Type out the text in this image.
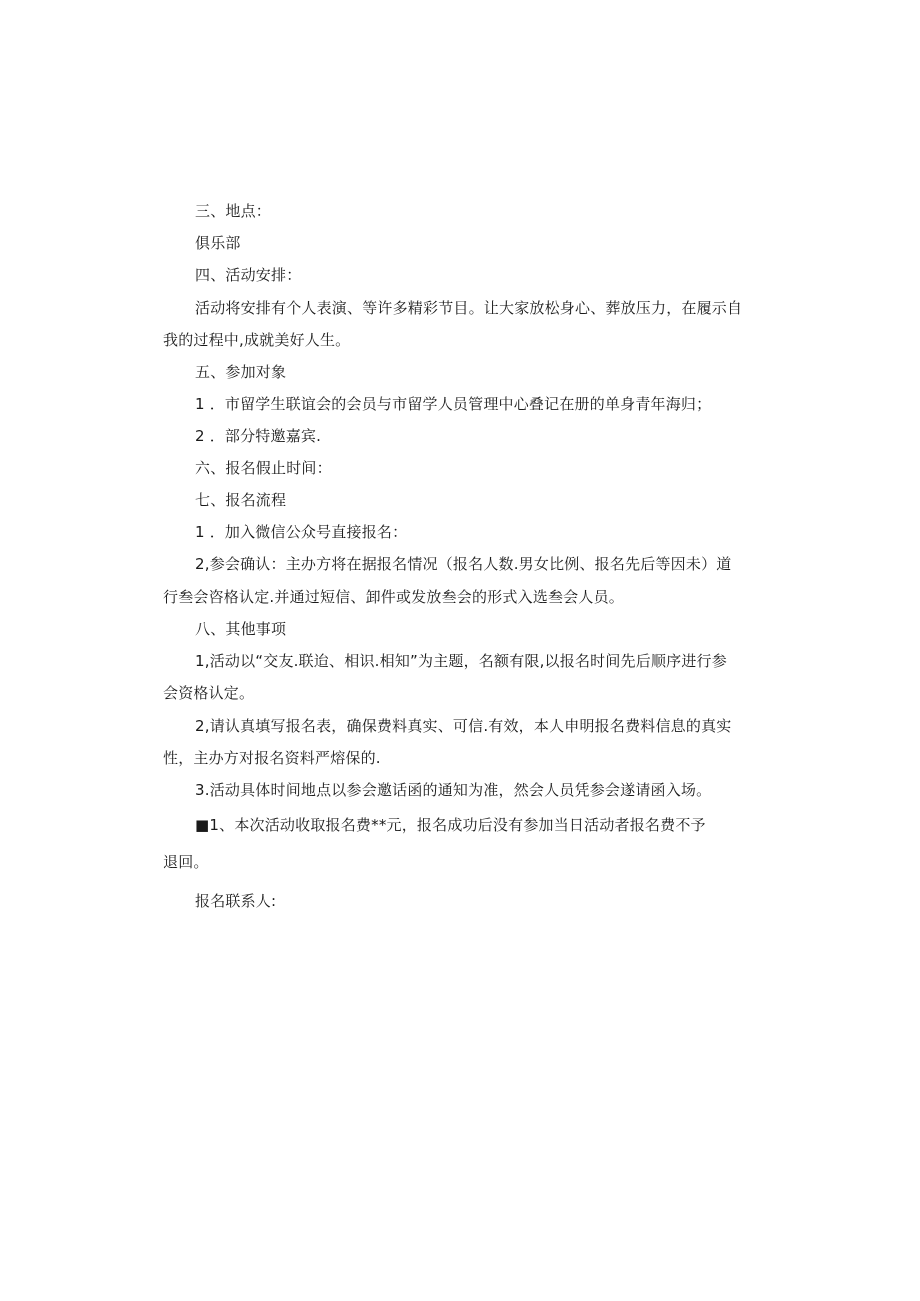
三、地点：
俱乐部
四、活动安排：
活动将安排有个人表演、等许多精彩节目。让大家放松身心、葬放压力，在履示自
我的过程中,成就美好人生。
五、参加对象
1 ．市留学生联谊会的会员与市留学人员管理中心叠记在册的单身青年海归；
2 ．部分特邀嘉宾.
六、报名假止时间：
七、报名流程
1 ．加入微信公众号直接报名：
2,参会确认：主办方将在据报名情况（报名人数.男女比例、报名先后等因未）道
行叁会咨格认定.并通过短信、卸件或发放叁会的形式入选叁会人员。
八、其他事项
1,活动以“交友.联迨、相识.相知”为主题，名额有限,以报名时间先后顺序进行参
会资格认定。
2,请认真填写报名表，确保费料真实、可信.有效，本人申明报名费料信息的真实
性，主办方对报名资料严熔保的.
3.活动具体时间地点以参会邀话函的通知为准，然会人员凭参会遂请函入场。
■1、本次活动收取报名费**元，报名成功后没有参加当日活动者报名费不予
退回。
报名联系人:
